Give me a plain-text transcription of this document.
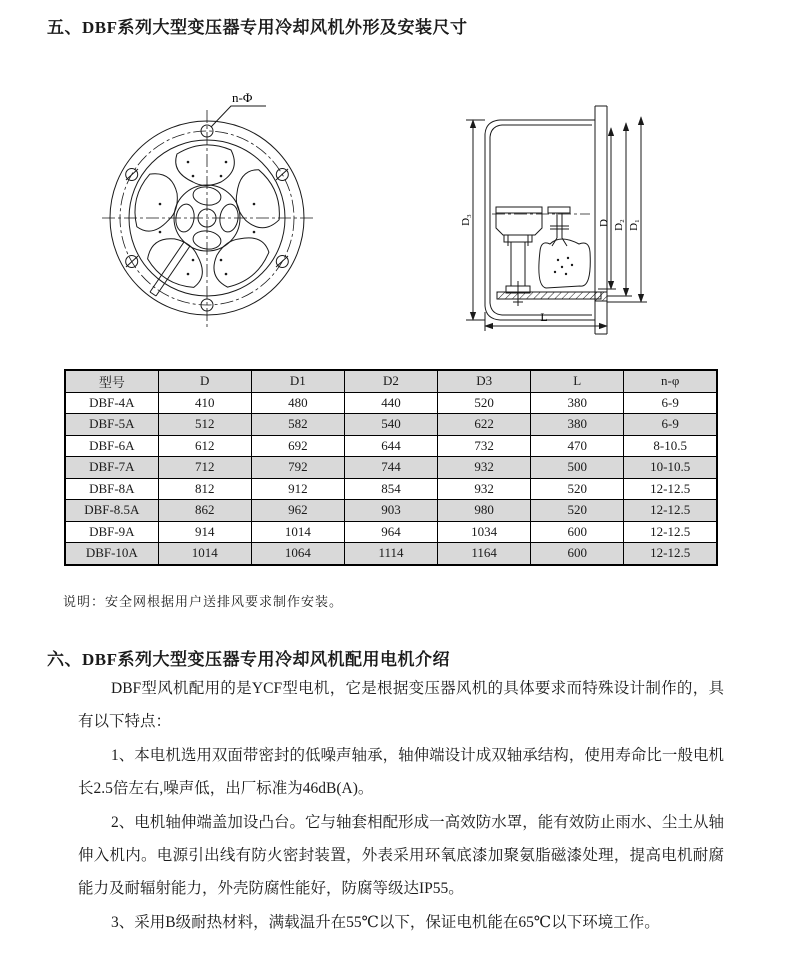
五、DBF系列大型变压器专用冷却风机外形及安装尺寸
n-Φ
D₃	D D₂ D₁
L
型号	D	D1	D2	D3	L	n-φ
DBF-4A	410	480	440	520	380	6-9
DBF-5A	512	582	540	622	380	6-9
DBF-6A	612	692	644	732	470	8-10.5
DBF-7A	712	792	744	932	500	10-10.5
DBF-8A	812	912	854	932	520	12-12.5
DBF-8.5A	862	962	903	980	520	12-12.5
DBF-9A	914	1014	964	1034	600	12-12.5
DBF-10A	1014	1064	1114	1164	600	12-12.5
说明：安全网根据用户送排风要求制作安装。
六、DBF系列大型变压器专用冷却风机配用电机介绍

DBF型风机配用的是YCF型电机，它是根据变压器风机的具体要求而特殊设计制作的，具有以下特点：

1、本电机选用双面带密封的低噪声轴承，轴伸端设计成双轴承结构，使用寿命比一般电机长2.5倍左右,噪声低，出厂标准为46dB(A)。

2、电机轴伸端盖加设凸台。它与轴套相配形成一高效防水罩，能有效防止雨水、尘土从轴伸入机内。电源引出线有防火密封装置，外表采用环氧底漆加聚氨脂磁漆处理，提高电机耐腐能力及耐辐射能力，外壳防腐性能好，防腐等级达IP55。

3、采用B级耐热材料，满载温升在55℃以下，保证电机能在65℃以下环境工作。
